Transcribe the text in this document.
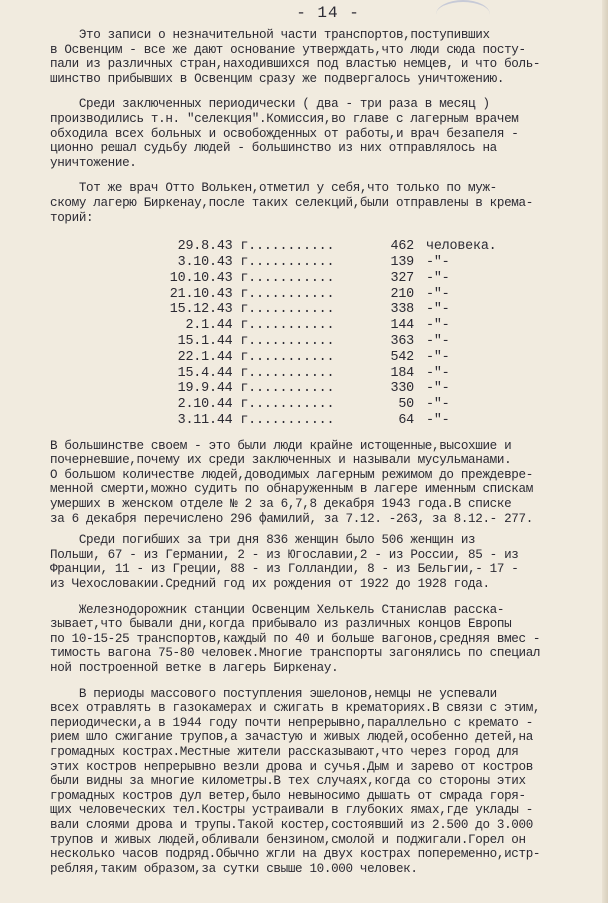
- 14 -

Это записи о незначительной части транспортов,поступивших

в Освенцим - все же дают основание утверждать,что люди сюда посту-

пали из различных стран,находившихся под властью немцев, и что боль-

шинство прибывших в Освенцим сразу же подвергалось уничтожению.

Среди заключенных периодически ( два - три раза в месяц )

производились т.н. "селекция".Комиссия,во главе с лагерным врачем

обходила всех больных и освобожденных от работы,и врач безапеля -

ционно решал судьбу людей - большинство из них отправлялось на

уничтожение.

Тот же врач Отто Волькен,отметил у себя,что только по муж-

скому лагерю Биркенау,после таких селекций,были отправлены в крема-

торий:

29.8.43 г. ..........	462 человека.
3.10.43 г. ..........	139 -"-
10.10.43 г. ..........	327 -"-
21.10.43 г. ..........	210 -"-
15.12.43 г. ..........	338 -"-
2.1.44 г. ..........	144 -"-
15.1.44 г. ..........	363 -"-
22.1.44 г. ..........	542 -"-
15.4.44 г. ..........	184 -"-
19.9.44 г. ..........	330 -"-
2.10.44 г. ..........	50 -"-
3.11.44 г. ..........	64 -"-

В большинстве своем - это были люди крайне истощенные,высохшие и

почерневшие,почему их среди заключенных и называли мусульманами.

О большом количестве людей,доводимых лагерным режимом до преждевре-

менной смерти,можно судить по обнаруженным в лагере именным спискам

умерших в женском отделе № 2 за 6,7,8 декабря 1943 года.В списке

за 6 декабря перечислено 296 фамилий, за 7.12. -263, за 8.12.- 277.

Среди погибших за три дня 836 женщин было 506 женщин из

Польши, 67 - из Германии, 2 - из Югославии,2 - из России, 85 - из

Франции, 11 - из Греции, 88 - из Голландии, 8 - из Бельгии,- 17 -

из Чехословакии.Средний год их рождения от 1922 до 1928 года.

Железнодорожник станции Освенцим Хелькель Станислав расска-

зывает,что бывали дни,когда прибывало из различных концов Европы

по 10-15-25 транспортов,каждый по 40 и больше вагонов,средняя вмес -

тимость вагона 75-80 человек.Многие транспорты загонялись по специал

ной построенной ветке в лагерь Биркенау.

В периоды массового поступления эшелонов,немцы не успевали

всех отравлять в газокамерах и сжигать в крематориях.В связи с этим,

периодически,а в 1944 году почти непрерывно,параллельно с кремато -

рием шло сжигание трупов,а зачастую и живых людей,особенно детей,на

громадных кострах.Местные жители рассказывают,что через город для

этих костров непрерывно везли дрова и сучья.Дым и зарево от костров

были видны за многие километры.В тех случаях,когда со стороны этих

громадных костров дул ветер,было невыносимо дышать от смрада горя-

щих человеческих тел.Костры устраивали в глубоких ямах,где уклады -

вали слоями дрова и трупы.Такой костер,состоявший из 2.500 до 3.000

трупов и живых людей,обливали бензином,смолой и поджигали.Горел он

несколько часов подряд.Обычно жгли на двух кострах попеременно,истр-

ребляя,таким образом,за сутки свыше 10.000 человек.
